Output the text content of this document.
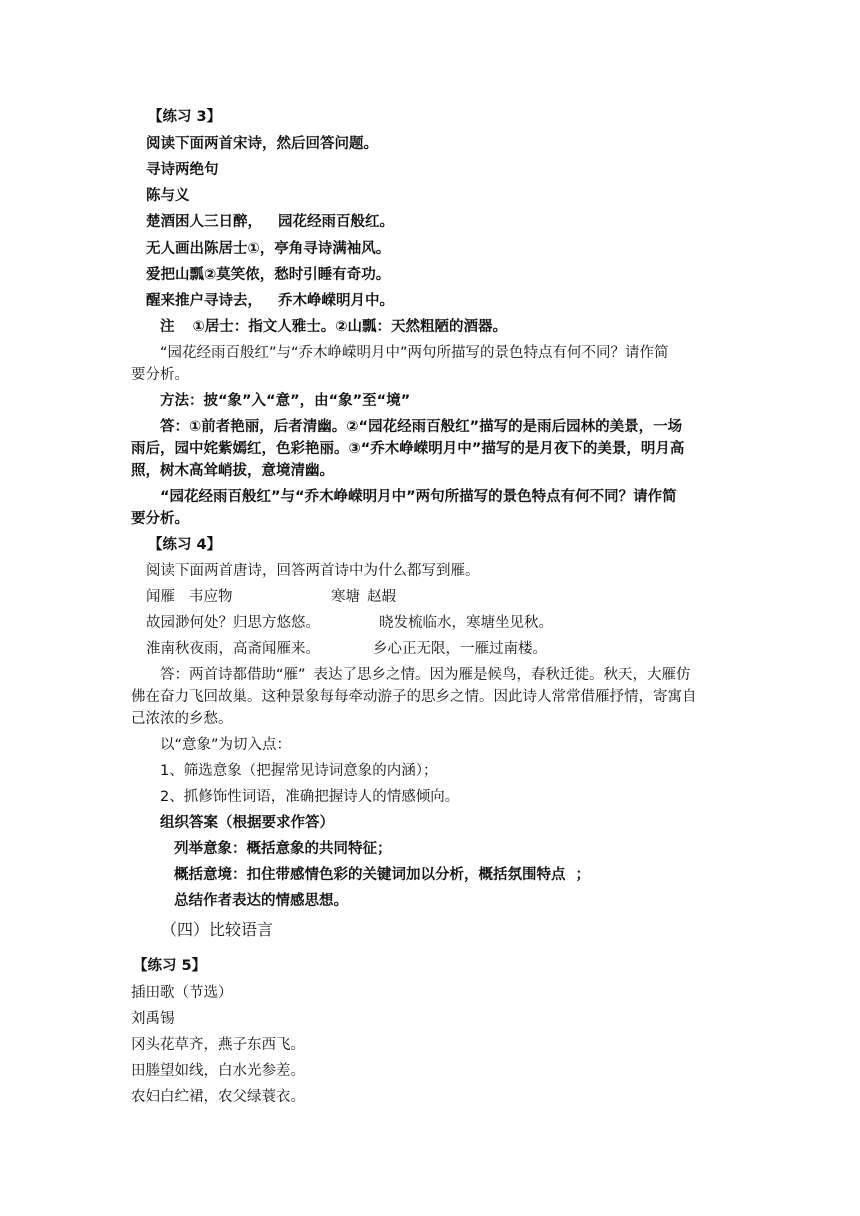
【练习 3】
阅读下面两首宋诗，然后回答问题。
寻诗两绝句
陈与义
楚酒困人三日醉， 园花经雨百般红。
无人画出陈居士①，亭角寻诗满袖风。
爱把山瓢②莫笑侬，愁时引睡有奇功。
醒来推户寻诗去， 乔木峥嵘明月中。
注 ①居士：指文人雅士。②山瓢：天然粗陋的酒器。
“园花经雨百般红”与“乔木峥嵘明月中”两句所描写的景色特点有何不同？请作简
要分析。
方法：披“象”入“意”，由“象”至“境”
答：①前者艳丽，后者清幽。②“园花经雨百般红”描写的是雨后园林的美景，一场
雨后，园中姹紫嫣红，色彩艳丽。③“乔木峥嵘明月中”描写的是月夜下的美景，明月高
照，树木高耸峭拔，意境清幽。
“园花经雨百般红”与“乔木峥嵘明月中”两句所描写的景色特点有何不同？请作简
要分析。
【练习 4】
阅读下面两首唐诗，回答两首诗中为什么都写到雁。
闻雁 韦应物	寒塘 赵嘏
故园渺何处？归思方悠悠。	晓发梳临水，寒塘坐见秋。
淮南秋夜雨，高斋闻雁来。	乡心正无限，一雁过南楼。
答：两首诗都借助“雁” 表达了思乡之情。因为雁是候鸟，春秋迁徙。秋天，大雁仿
佛在奋力飞回故巢。这种景象每每牵动游子的思乡之情。因此诗人常常借雁抒情，寄寓自
己浓浓的乡愁。
以“意象”为切入点：
1、筛选意象（把握常见诗词意象的内涵）；
2、抓修饰性词语，准确把握诗人的情感倾向。
组织答案（根据要求作答）
列举意象：概括意象的共同特征；
概括意境：扣住带感情色彩的关键词加以分析，概括氛围特点 ；
总结作者表达的情感思想。
（四）比较语言
【练习 5】
插田歌（节选）
刘禹锡
冈头花草齐，燕子东西飞。
田塍望如线，白水光参差。
农妇白纻裙，农父绿蓑衣。
